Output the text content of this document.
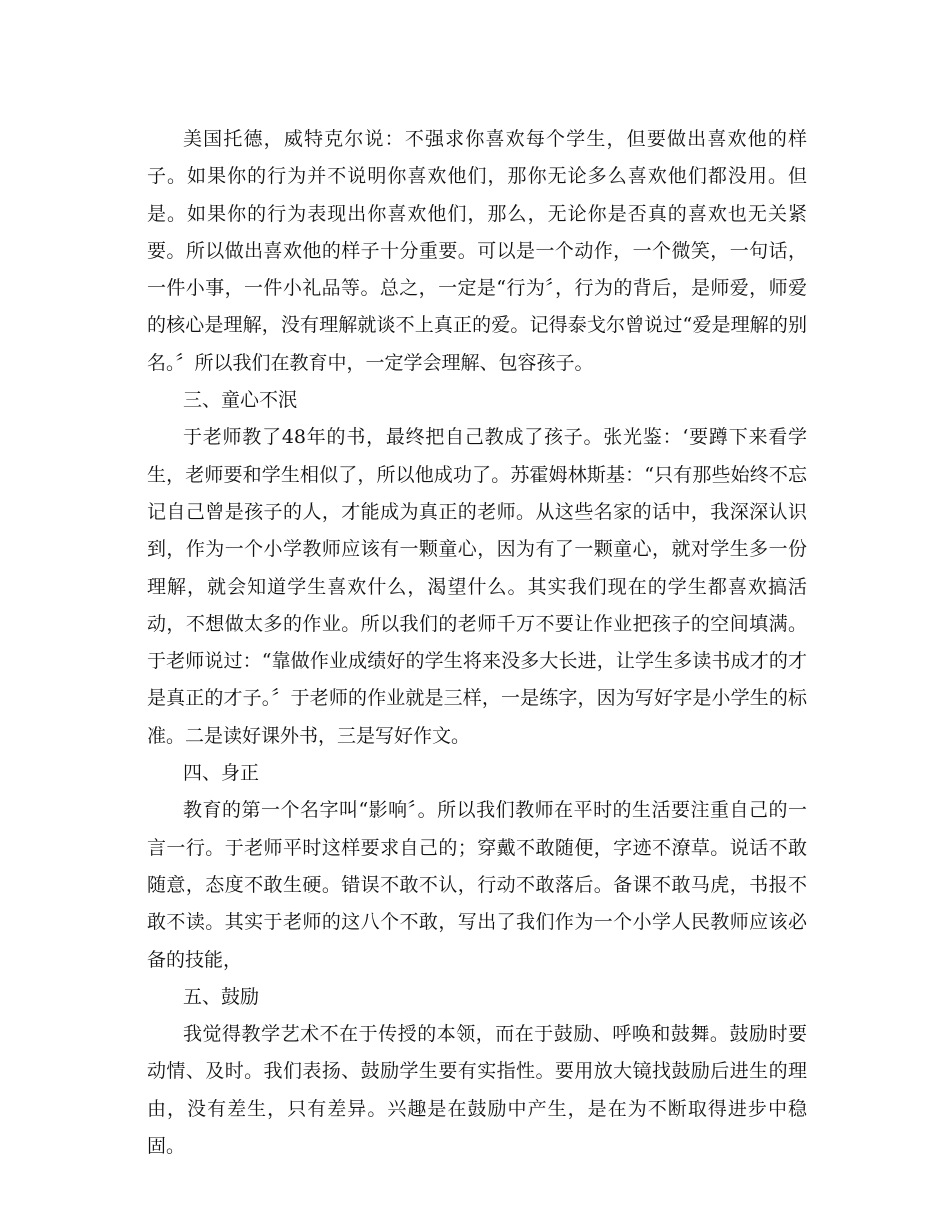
美国托德，威特克尔说：不强求你喜欢每个学生，但要做出喜欢他的样子。如果你的行为并不说明你喜欢他们，那你无论多么喜欢他们都没用。但是。如果你的行为表现出你喜欢他们，那么，无论你是否真的喜欢也无关紧要。所以做出喜欢他的样子十分重要。可以是一个动作，一个微笑，一句话，一件小事，一件小礼品等。总之，一定是“行为〞，行为的背后，是师爱，师爱的核心是理解，没有理解就谈不上真正的爱。记得泰戈尔曾说过“爱是理解的别名。〞所以我们在教育中，一定学会理解、包容孩子。

三、童心不泯

于老师教了48年的书，最终把自己教成了孩子。张光鉴：‘要蹲下来看学生，老师要和学生相似了，所以他成功了。苏霍姆林斯基：“只有那些始终不忘记自己曾是孩子的人，才能成为真正的老师。从这些名家的话中，我深深认识到，作为一个小学教师应该有一颗童心，因为有了一颗童心，就对学生多一份理解，就会知道学生喜欢什么，渴望什么。其实我们现在的学生都喜欢搞活动，不想做太多的作业。所以我们的老师千万不要让作业把孩子的空间填满。于老师说过：“靠做作业成绩好的学生将来没多大长进，让学生多读书成才的才是真正的才子。〞于老师的作业就是三样，一是练字，因为写好字是小学生的标准。二是读好课外书，三是写好作文。

四、身正

教育的第一个名字叫“影响〞。所以我们教师在平时的生活要注重自己的一言一行。于老师平时这样要求自己的；穿戴不敢随便，字迹不潦草。说话不敢随意，态度不敢生硬。错误不敢不认，行动不敢落后。备课不敢马虎，书报不敢不读。其实于老师的这八个不敢，写出了我们作为一个小学人民教师应该必备的技能，

五、鼓励

我觉得教学艺术不在于传授的本领，而在于鼓励、呼唤和鼓舞。鼓励时要动情、及时。我们表扬、鼓励学生要有实指性。要用放大镜找鼓励后进生的理由，没有差生，只有差异。兴趣是在鼓励中产生，是在为不断取得进步中稳固。
